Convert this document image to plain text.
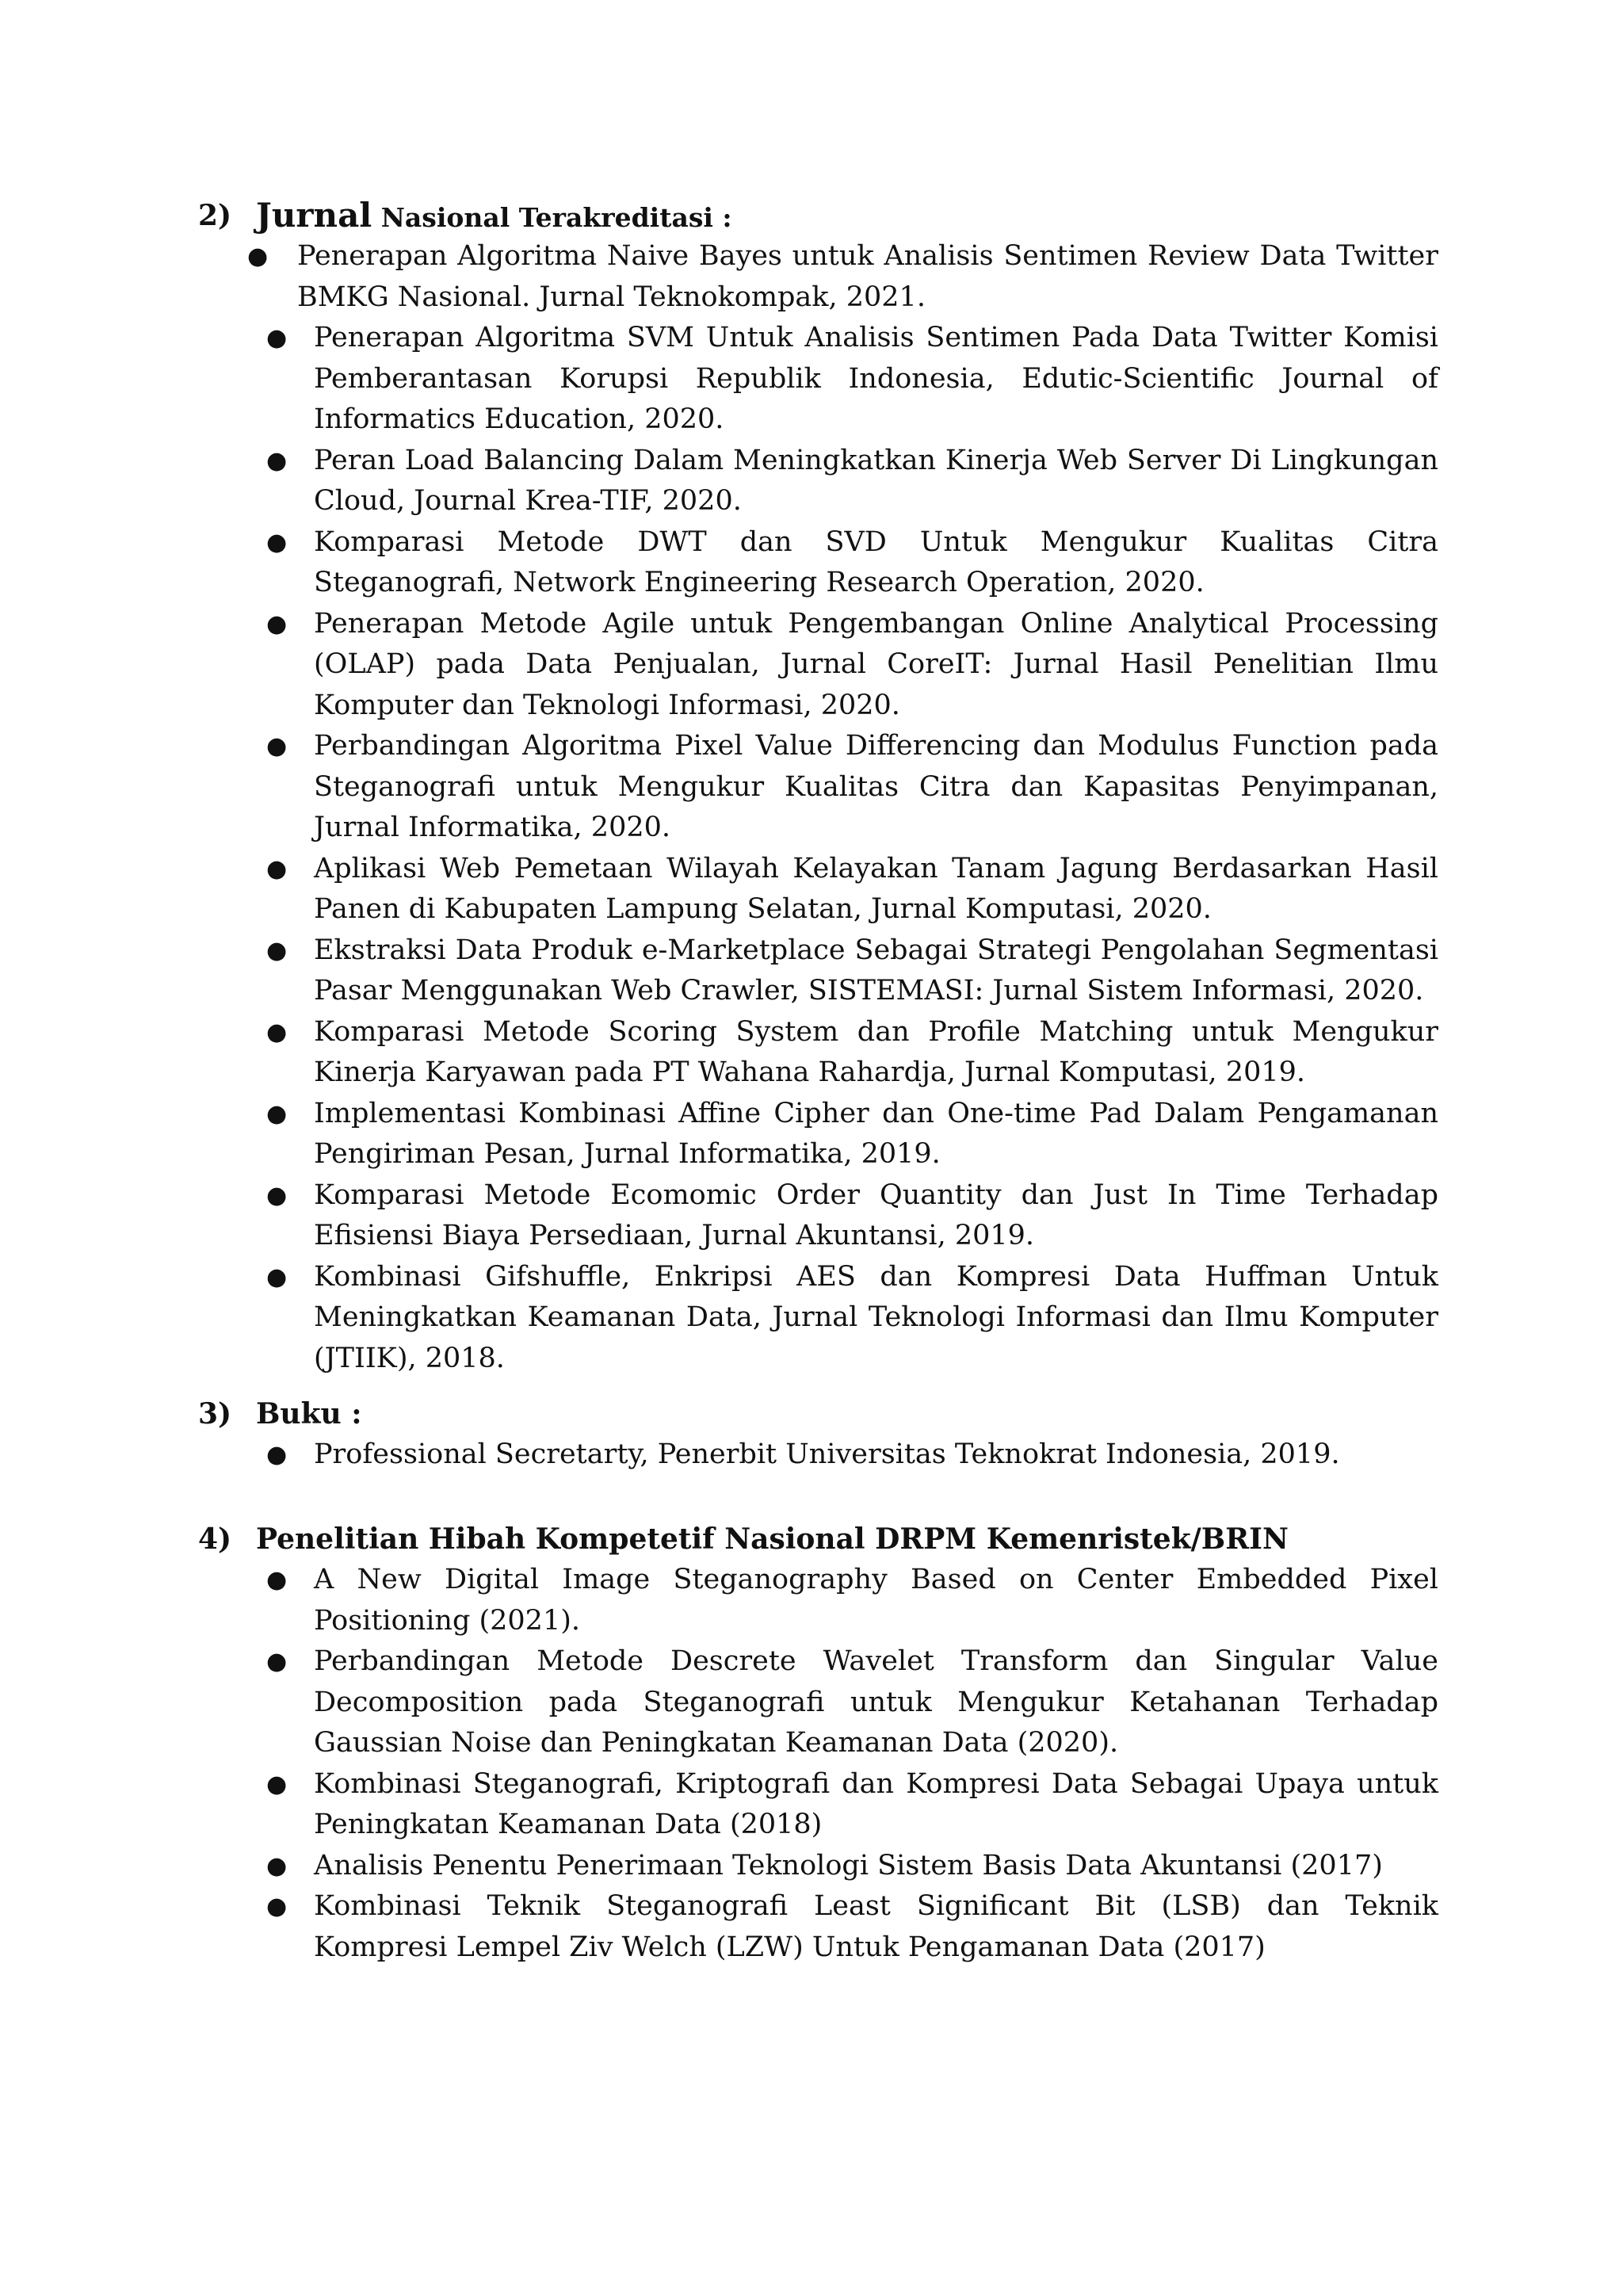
2) Jurnal Nasional Terakreditasi :
● Penerapan Algoritma Naive Bayes untuk Analisis Sentimen Review Data Twitter BMKG Nasional. Jurnal Teknokompak, 2021.
● Penerapan Algoritma SVM Untuk Analisis Sentimen Pada Data Twitter Komisi Pemberantasan Korupsi Republik Indonesia, Edutic-Scientific Journal of Informatics Education, 2020.
● Peran Load Balancing Dalam Meningkatkan Kinerja Web Server Di Lingkungan Cloud, Journal Krea-TIF, 2020.
● Komparasi Metode DWT dan SVD Untuk Mengukur Kualitas Citra Steganografi, Network Engineering Research Operation, 2020.
● Penerapan Metode Agile untuk Pengembangan Online Analytical Processing (OLAP) pada Data Penjualan, Jurnal CoreIT: Jurnal Hasil Penelitian Ilmu Komputer dan Teknologi Informasi, 2020.
● Perbandingan Algoritma Pixel Value Differencing dan Modulus Function pada Steganografi untuk Mengukur Kualitas Citra dan Kapasitas Penyimpanan, Jurnal Informatika, 2020.
● Aplikasi Web Pemetaan Wilayah Kelayakan Tanam Jagung Berdasarkan Hasil Panen di Kabupaten Lampung Selatan, Jurnal Komputasi, 2020.
● Ekstraksi Data Produk e-Marketplace Sebagai Strategi Pengolahan Segmentasi Pasar Menggunakan Web Crawler, SISTEMASI: Jurnal Sistem Informasi, 2020.
● Komparasi Metode Scoring System dan Profile Matching untuk Mengukur Kinerja Karyawan pada PT Wahana Rahardja, Jurnal Komputasi, 2019.
● Implementasi Kombinasi Affine Cipher dan One-time Pad Dalam Pengamanan Pengiriman Pesan, Jurnal Informatika, 2019.
● Komparasi Metode Ecomomic Order Quantity dan Just In Time Terhadap Efisiensi Biaya Persediaan, Jurnal Akuntansi, 2019.
● Kombinasi Gifshuffle, Enkripsi AES dan Kompresi Data Huffman Untuk Meningkatkan Keamanan Data, Jurnal Teknologi Informasi dan Ilmu Komputer (JTIIK), 2018.
3) Buku :
● Professional Secretarty, Penerbit Universitas Teknokrat Indonesia, 2019.
4) Penelitian Hibah Kompetetif Nasional DRPM Kemenristek/BRIN
● A New Digital Image Steganography Based on Center Embedded Pixel Positioning (2021).
● Perbandingan Metode Descrete Wavelet Transform dan Singular Value Decomposition pada Steganografi untuk Mengukur Ketahanan Terhadap Gaussian Noise dan Peningkatan Keamanan Data (2020).
● Kombinasi Steganografi, Kriptografi dan Kompresi Data Sebagai Upaya untuk Peningkatan Keamanan Data (2018)
● Analisis Penentu Penerimaan Teknologi Sistem Basis Data Akuntansi (2017)
● Kombinasi Teknik Steganografi Least Significant Bit (LSB) dan Teknik Kompresi Lempel Ziv Welch (LZW) Untuk Pengamanan Data (2017)
